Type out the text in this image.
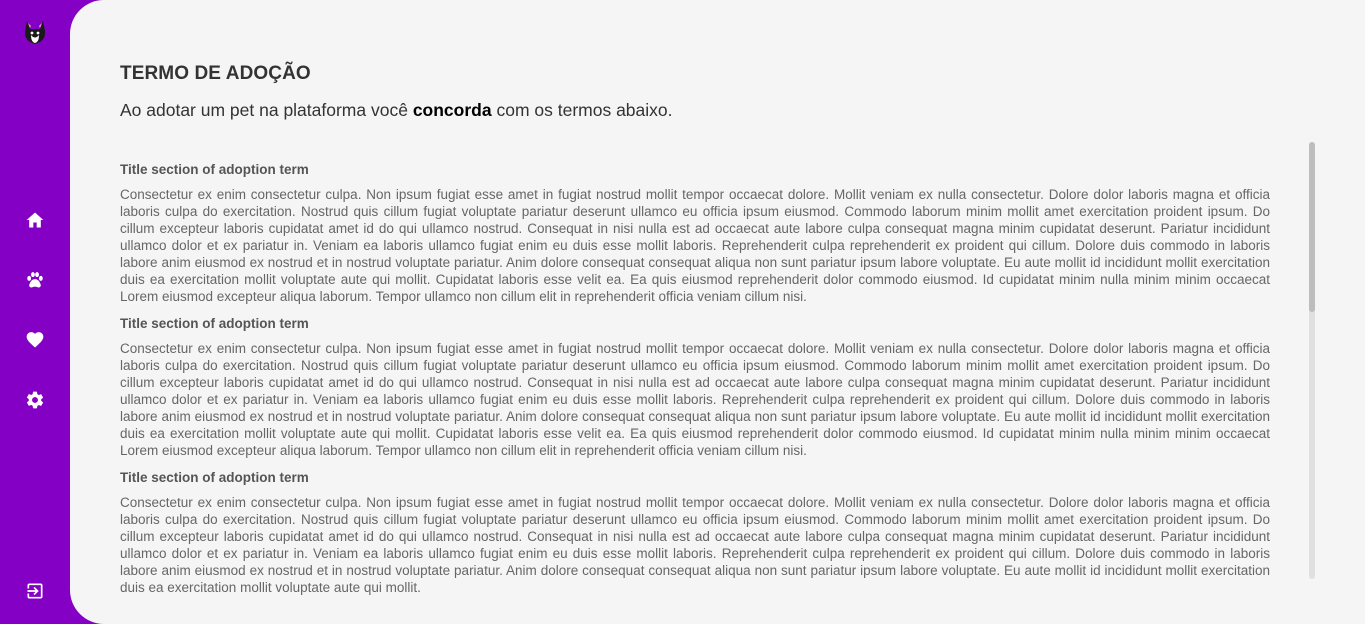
TERMO DE ADOÇÃO

Ao adotar um pet na plataforma você concorda com os termos abaixo.

Title section of adoption term

Consectetur ex enim consectetur culpa. Non ipsum fugiat esse amet in fugiat nostrud mollit tempor occaecat dolore. Mollit veniam ex nulla consectetur. Dolore dolor laboris magna et officia laboris culpa do exercitation. Nostrud quis cillum fugiat voluptate pariatur deserunt ullamco eu officia ipsum eiusmod. Commodo laborum minim mollit amet exercitation proident ipsum. Do cillum excepteur laboris cupidatat amet id do qui ullamco nostrud. Consequat in nisi nulla est ad occaecat aute labore culpa consequat magna minim cupidatat deserunt. Pariatur incididunt ullamco dolor et ex pariatur in. Veniam ea laboris ullamco fugiat enim eu duis esse mollit laboris. Reprehenderit culpa reprehenderit ex proident qui cillum. Dolore duis commodo in laboris labore anim eiusmod ex nostrud et in nostrud voluptate pariatur. Anim dolore consequat consequat aliqua non sunt pariatur ipsum labore voluptate. Eu aute mollit id incididunt mollit exercitation duis ea exercitation mollit voluptate aute qui mollit. Cupidatat laboris esse velit ea. Ea quis eiusmod reprehenderit dolor commodo eiusmod. Id cupidatat minim nulla minim minim occaecat Lorem eiusmod excepteur aliqua laborum. Tempor ullamco non cillum elit in reprehenderit officia veniam cillum nisi.

Title section of adoption term

Consectetur ex enim consectetur culpa. Non ipsum fugiat esse amet in fugiat nostrud mollit tempor occaecat dolore. Mollit veniam ex nulla consectetur. Dolore dolor laboris magna et officia laboris culpa do exercitation. Nostrud quis cillum fugiat voluptate pariatur deserunt ullamco eu officia ipsum eiusmod. Commodo laborum minim mollit amet exercitation proident ipsum. Do cillum excepteur laboris cupidatat amet id do qui ullamco nostrud. Consequat in nisi nulla est ad occaecat aute labore culpa consequat magna minim cupidatat deserunt. Pariatur incididunt ullamco dolor et ex pariatur in. Veniam ea laboris ullamco fugiat enim eu duis esse mollit laboris. Reprehenderit culpa reprehenderit ex proident qui cillum. Dolore duis commodo in laboris labore anim eiusmod ex nostrud et in nostrud voluptate pariatur. Anim dolore consequat consequat aliqua non sunt pariatur ipsum labore voluptate. Eu aute mollit id incididunt mollit exercitation duis ea exercitation mollit voluptate aute qui mollit. Cupidatat laboris esse velit ea. Ea quis eiusmod reprehenderit dolor commodo eiusmod. Id cupidatat minim nulla minim minim occaecat Lorem eiusmod excepteur aliqua laborum. Tempor ullamco non cillum elit in reprehenderit officia veniam cillum nisi.

Title section of adoption term

Consectetur ex enim consectetur culpa. Non ipsum fugiat esse amet in fugiat nostrud mollit tempor occaecat dolore. Mollit veniam ex nulla consectetur. Dolore dolor laboris magna et officia laboris culpa do exercitation. Nostrud quis cillum fugiat voluptate pariatur deserunt ullamco eu officia ipsum eiusmod. Commodo laborum minim mollit amet exercitation proident ipsum. Do cillum excepteur laboris cupidatat amet id do qui ullamco nostrud. Consequat in nisi nulla est ad occaecat aute labore culpa consequat magna minim cupidatat deserunt. Pariatur incididunt ullamco dolor et ex pariatur in. Veniam ea laboris ullamco fugiat enim eu duis esse mollit laboris. Reprehenderit culpa reprehenderit ex proident qui cillum. Dolore duis commodo in laboris labore anim eiusmod ex nostrud et in nostrud voluptate pariatur. Anim dolore consequat consequat aliqua non sunt pariatur ipsum labore voluptate. Eu aute mollit id incididunt mollit exercitation duis ea exercitation mollit voluptate aute qui mollit.
